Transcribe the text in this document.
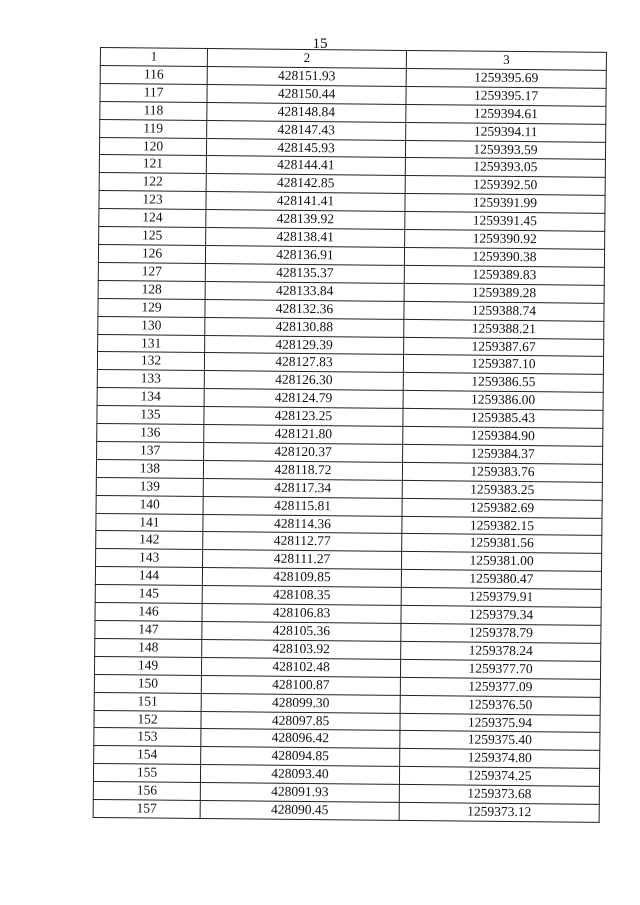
15
1	2	3
116	428151.93	1259395.69
117	428150.44	1259395.17
118	428148.84	1259394.61
119	428147.43	1259394.11
120	428145.93	1259393.59
121	428144.41	1259393.05
122	428142.85	1259392.50
123	428141.41	1259391.99
124	428139.92	1259391.45
125	428138.41	1259390.92
126	428136.91	1259390.38
127	428135.37	1259389.83
128	428133.84	1259389.28
129	428132.36	1259388.74
130	428130.88	1259388.21
131	428129.39	1259387.67
132	428127.83	1259387.10
133	428126.30	1259386.55
134	428124.79	1259386.00
135	428123.25	1259385.43
136	428121.80	1259384.90
137	428120.37	1259384.37
138	428118.72	1259383.76
139	428117.34	1259383.25
140	428115.81	1259382.69
141	428114.36	1259382.15
142	428112.77	1259381.56
143	428111.27	1259381.00
144	428109.85	1259380.47
145	428108.35	1259379.91
146	428106.83	1259379.34
147	428105.36	1259378.79
148	428103.92	1259378.24
149	428102.48	1259377.70
150	428100.87	1259377.09
151	428099.30	1259376.50
152	428097.85	1259375.94
153	428096.42	1259375.40
154	428094.85	1259374.80
155	428093.40	1259374.25
156	428091.93	1259373.68
157	428090.45	1259373.12
